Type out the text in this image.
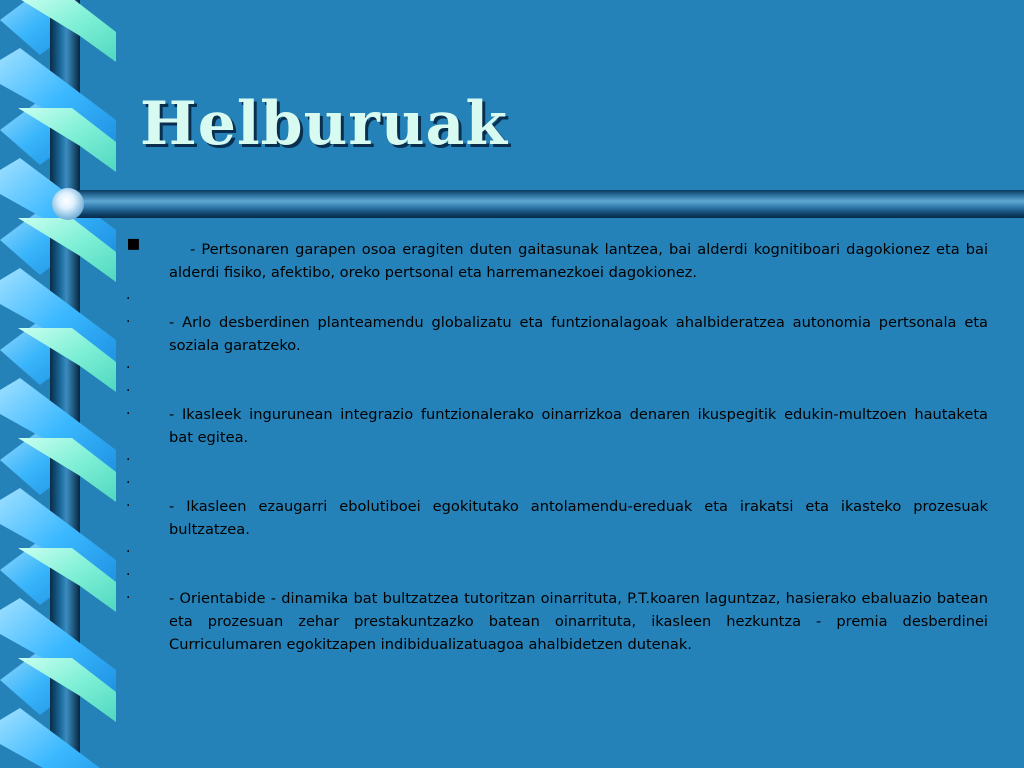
Helburuak
▪	- Pertsonaren garapen osoa eragiten duten gaitasunak lantzea, bai alderdi kognitiboari dagokionez eta bai alderdi fisiko, afektibo, oreko pertsonal eta harremanezkoei dagokionez.
·

·	- Arlo desberdinen planteamendu globalizatu eta funtzionalagoak ahalbideratzea autonomia pertsonala eta soziala garatzeko.
·

·

·	- Ikasleek ingurunean integrazio funtzionalerako oinarrizkoa denaren ikuspegitik edukin-multzoen hautaketa bat egitea.
·

·

·	- Ikasleen ezaugarri ebolutiboei egokitutako antolamendu-ereduak eta irakatsi eta ikasteko prozesuak bultzatzea.
·

·

·	- Orientabide - dinamika bat bultzatzea tutoritzan oinarrituta, P.T.koaren laguntzaz, hasierako ebaluazio batean eta prozesuan zehar prestakuntzazko batean oinarrituta, ikasleen hezkuntza - premia desberdinei Curriculumaren egokitzapen indibidualizatuagoa ahalbidetzen dutenak.
